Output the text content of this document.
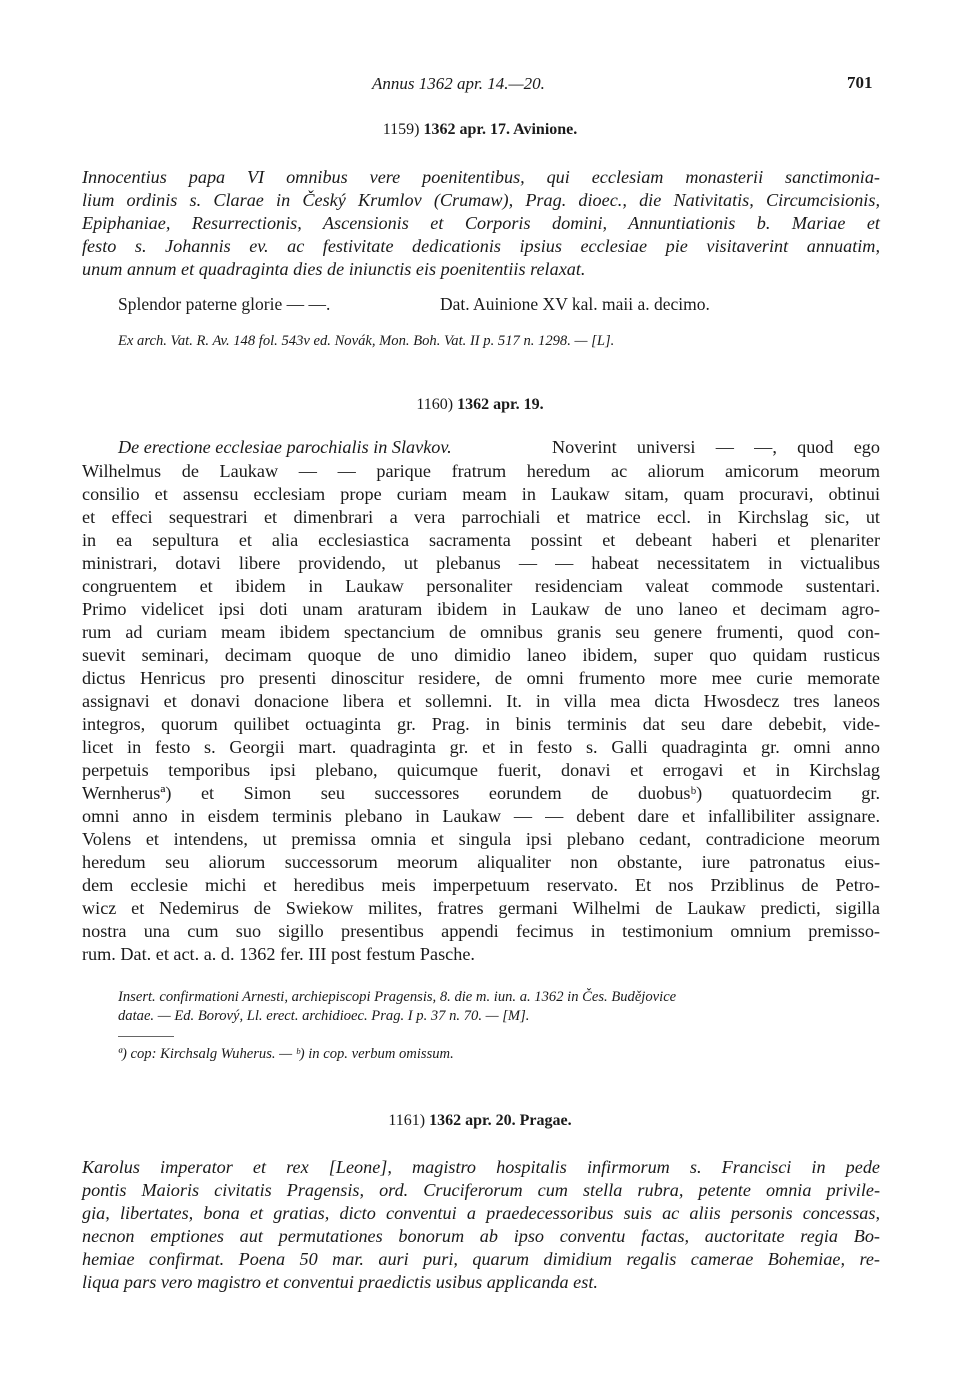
Annus 1362 apr. 14.—20.	701
1159) 1362 apr. 17. Avinione.
Innocentius papa VI omnibus vere poenitentibus, qui ecclesiam monasterii sanctimonia-
lium ordinis s. Clarae in Český Krumlov (Crumaw), Prag. dioec., die Nativitatis, Circumcisionis,
Epiphaniae, Resurrectionis, Ascensionis et Corporis domini, Annuntiationis b. Mariae et
festo s. Johannis ev. ac festivitate dedicationis ipsius ecclesiae pie visitaverint annuatim,
unum annum et quadraginta dies de iniunctis eis poenitentiis relaxat.
Splendor paterne glorie — —.	Dat. Auinione XV kal. maii a. decimo.
Ex arch. Vat. R. Av. 148 fol. 543v ed. Novák, Mon. Boh. Vat. II p. 517 n. 1298. — [L].
1160) 1362 apr. 19.
De erectione ecclesiae parochialis in Slavkov.	Noverint universi — —, quod ego
Wilhelmus de Laukaw — — parique fratrum heredum ac aliorum amicorum meorum
consilio et assensu ecclesiam prope curiam meam in Laukaw sitam, quam procuravi, obtinui
et effeci sequestrari et dimenbrari a vera parrochiali et matrice eccl. in Kirchslag sic, ut
in ea sepultura et alia ecclesiastica sacramenta possint et debeant haberi et plenariter
ministrari, dotavi libere providendo, ut plebanus — — habeat necessitatem in victualibus
congruentem et ibidem in Laukaw personaliter residenciam valeat commode sustentari.
Primo videlicet ipsi doti unam araturam ibidem in Laukaw de uno laneo et decimam agro-
rum ad curiam meam ibidem spectancium de omnibus granis seu genere frumenti, quod con-
suevit seminari, decimam quoque de uno dimidio laneo ibidem, super quo quidam rusticus
dictus Henricus pro presenti dinoscitur residere, de omni frumento more mee curie memorate
assignavi et donavi donacione libera et sollemni. It. in villa mea dicta Hwosdecz tres laneos
integros, quorum quilibet octuaginta gr. Prag. in binis terminis dat seu dare debebit, vide-
licet in festo s. Georgii mart. quadraginta gr. et in festo s. Galli quadraginta gr. omni anno
perpetuis temporibus ipsi plebano, quicumque fuerit, donavi et errogavi et in Kirchslag
Wernherusª) et Simon seu successores eorundem de duobusᵇ) quatuordecim gr.
omni anno in eisdem terminis plebano in Laukaw — — debent dare et infallibiliter assignare.
Volens et intendens, ut premissa omnia et singula ipsi plebano cedant, contradicione meorum
heredum seu aliorum successorum meorum aliqualiter non obstante, iure patronatus eius-
dem ecclesie michi et heredibus meis imperpetuum reservato. Et nos Prziblinus de Petro-
wicz et Nedemirus de Swiekow milites, fratres germani Wilhelmi de Laukaw predicti, sigilla
nostra una cum suo sigillo presentibus appendi fecimus in testimonium omnium premisso-
rum. Dat. et act. a. d. 1362 fer. III post festum Pasche.
Insert. confirmationi Arnesti, archiepiscopi Pragensis, 8. die m. iun. a. 1362 in Čes. Budějovice
datae. — Ed. Borový, Ll. erect. archidioec. Prag. I p. 37 n. 70. — [M].
ª) cop: Kirchsalg Wuherus. — ᵇ) in cop. verbum omissum.
1161) 1362 apr. 20. Pragae.
Karolus imperator et rex [Leone], magistro hospitalis infirmorum s. Francisci in pede
pontis Maioris civitatis Pragensis, ord. Cruciferorum cum stella rubra, petente omnia privile-
gia, libertates, bona et gratias, dicto conventui a praedecessoribus suis ac aliis personis concessas,
necnon emptiones aut permutationes bonorum ab ipso conventu factas, auctoritate regia Bo-
hemiae confirmat. Poena 50 mar. auri puri, quarum dimidium regalis camerae Bohemiae, re-
liqua pars vero magistro et conventui praedictis usibus applicanda est.
